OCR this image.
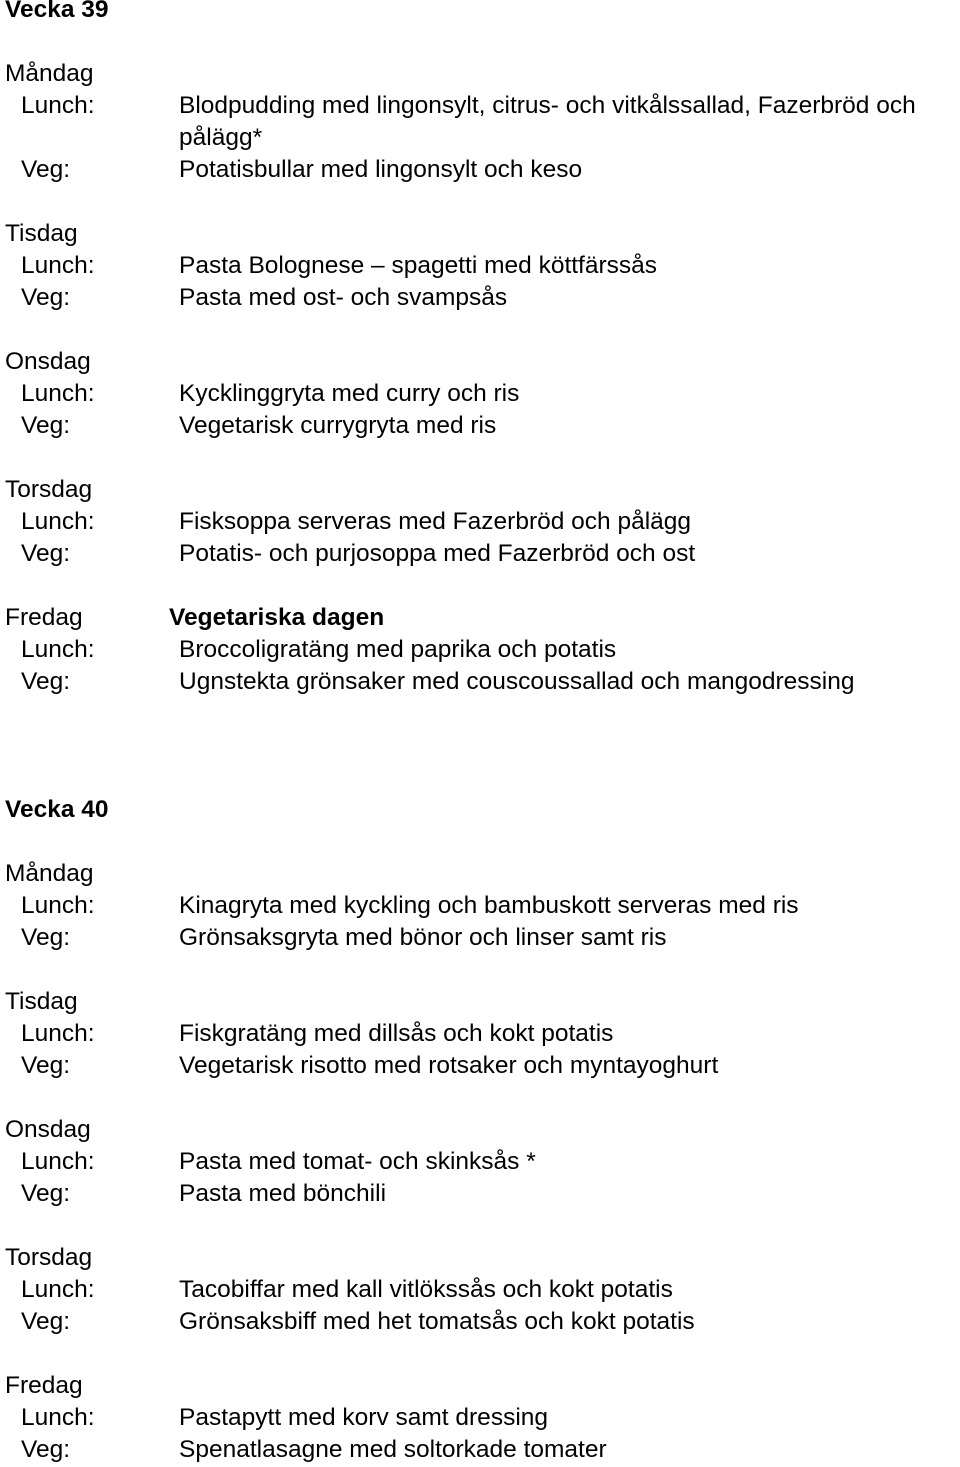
Vecka 39
Måndag
Lunch:	Blodpudding med lingonsylt, citrus- och vitkålssallad, Fazerbröd och pålägg*
Veg:	Potatisbullar med lingonsylt och keso
Tisdag
Lunch:	Pasta Bolognese – spagetti med köttfärssås
Veg:	Pasta med ost- och svampsås
Onsdag
Lunch:	Kycklinggryta med curry och ris
Veg:	Vegetarisk currygryta med ris
Torsdag
Lunch:	Fisksoppa serveras med Fazerbröd och pålägg
Veg:	Potatis- och purjosoppa med Fazerbröd och ost
Fredag	Vegetariska dagen
Lunch:	Broccoligratäng med paprika och potatis
Veg:	Ugnstekta grönsaker med couscoussallad och mangodressing
Vecka 40
Måndag
Lunch:	Kinagryta med kyckling och bambuskott serveras med ris
Veg:	Grönsaksgryta med bönor och linser samt ris
Tisdag
Lunch:	Fiskgratäng med dillsås och kokt potatis
Veg:	Vegetarisk risotto med rotsaker och myntayoghurt
Onsdag
Lunch:	Pasta med tomat- och skinksås *
Veg:	Pasta med bönchili
Torsdag
Lunch:	Tacobiffar med kall vitlökssås och kokt potatis
Veg:	Grönsaksbiff med het tomatsås och kokt potatis
Fredag
Lunch:	Pastapytt med korv samt dressing
Veg:	Spenatlasagne med soltorkade tomater
